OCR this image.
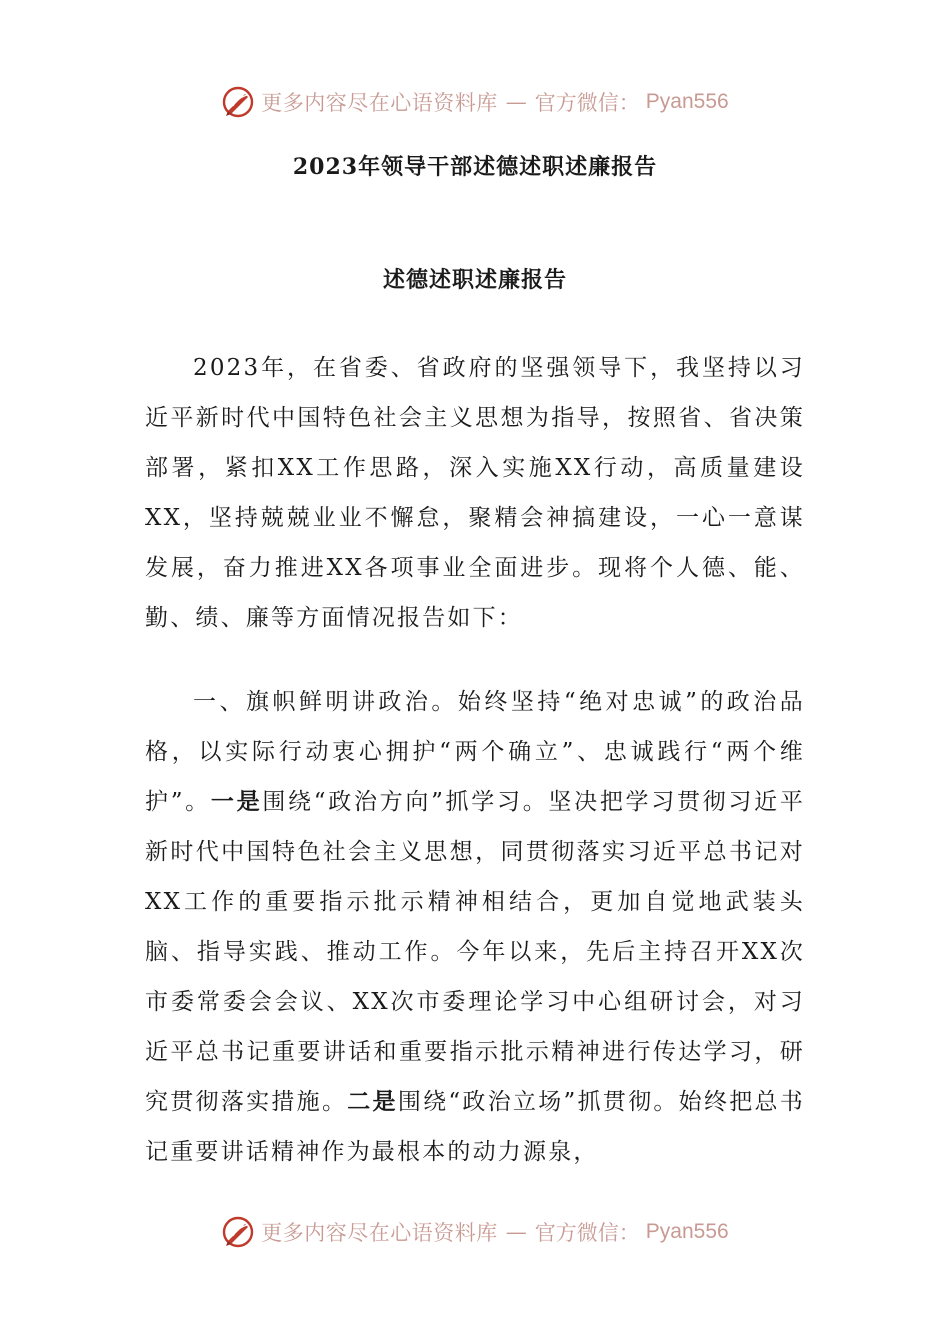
更多内容尽在心语资料库 — 官方微信： Pyan556
2023年领导干部述德述职述廉报告
述德述职述廉报告

2023年，在省委、省政府的坚强领导下，我坚持以习近平新时代中国特色社会主义思想为指导，按照省、省决策部署，紧扣XX工作思路，深入实施XX行动，高质量建设XX，坚持兢兢业业不懈怠，聚精会神搞建设，一心一意谋发展，奋力推进XX各项事业全面进步。现将个人德、能、勤、绩、廉等方面情况报告如下：

一、旗帜鲜明讲政治。始终坚持“绝对忠诚”的政治品格，以实际行动衷心拥护“两个确立”、忠诚践行“两个维护”。一是围绕“政治方向”抓学习。坚决把学习贯彻习近平新时代中国特色社会主义思想，同贯彻落实习近平总书记对XX工作的重要指示批示精神相结合，更加自觉地武装头脑、指导实践、推动工作。今年以来，先后主持召开XX次市委常委会会议、XX次市委理论学习中心组研讨会，对习近平总书记重要讲话和重要指示批示精神进行传达学习，研究贯彻落实措施。二是围绕“政治立场”抓贯彻。始终把总书记重要讲话精神作为最根本的动力源泉，

更多内容尽在心语资料库 — 官方微信： Pyan556
